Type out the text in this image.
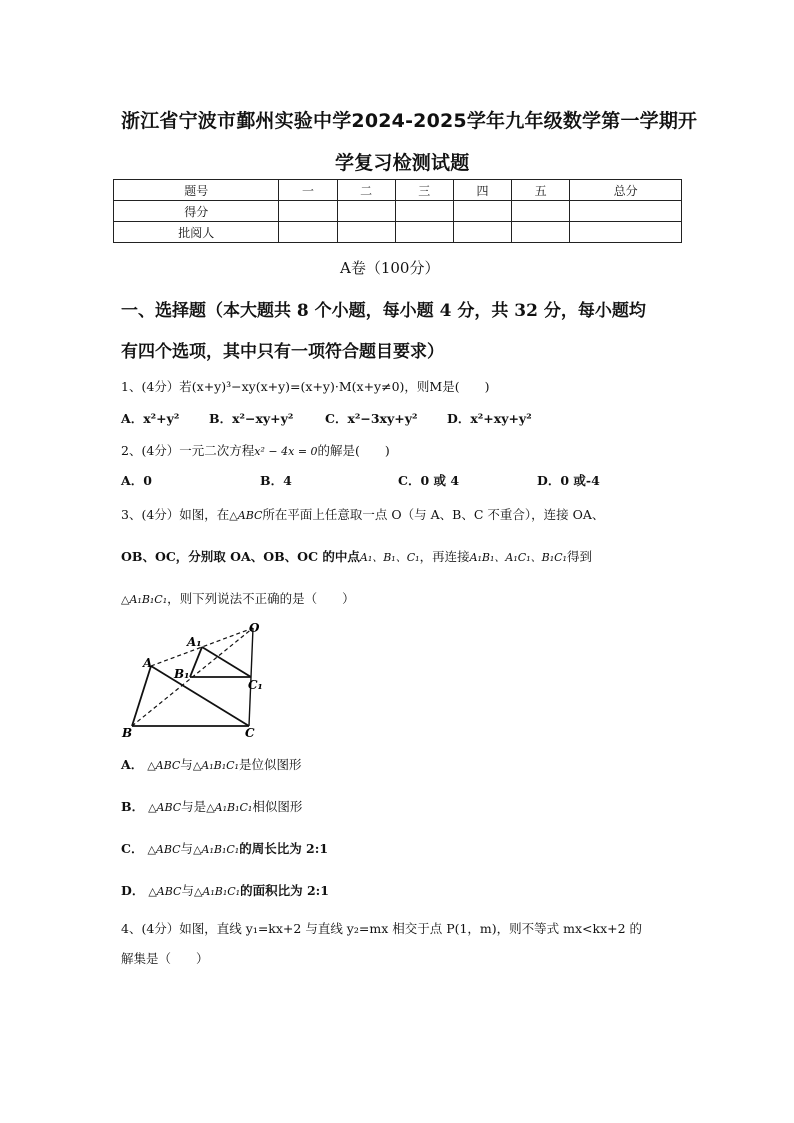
浙江省宁波市鄞州实验中学2024-2025学年九年级数学第一学期开
学复习检测试题
题号	一	二	三	四	五	总分
得分						
批阅人						
A卷（100分）
一、选择题（本大题共 8 个小题，每小题 4 分，共 32 分，每小题均
有四个选项，其中只有一项符合题目要求）
1、(4分）若(x+y)³−xy(x+y)=(x+y)·M(x+y≠0)，则M是(　　)
A．x²+y² B．x²−xy+y²	C．x²−3xy+y² D．x²+xy+y²
2、(4分）一元二次方程x² − 4x = 0的解是(　　)
A．0	B．4	C．0 或 4	D．0 或-4
3、(4分）如图，在△ABC所在平面上任意取一点 O（与 A、B、C 不重合），连接 OA、
OB、OC，分别取 OA、OB、OC 的中点A₁、B₁、C₁，再连接A₁B₁、A₁C₁、B₁C₁得到
△A₁B₁C₁，则下列说法不正确的是（　　）
O
A
A₁
B₁
C₁
B	C
A． △ABC与△A₁B₁C₁是位似图形
B． △ABC与是△A₁B₁C₁相似图形
C． △ABC与△A₁B₁C₁的周长比为 2:1
D． △ABC与△A₁B₁C₁的面积比为 2:1
4、(4分）如图，直线 y₁=kx+2 与直线 y₂=mx 相交于点 P(1，m)，则不等式 mx<kx+2 的
解集是（　　）
